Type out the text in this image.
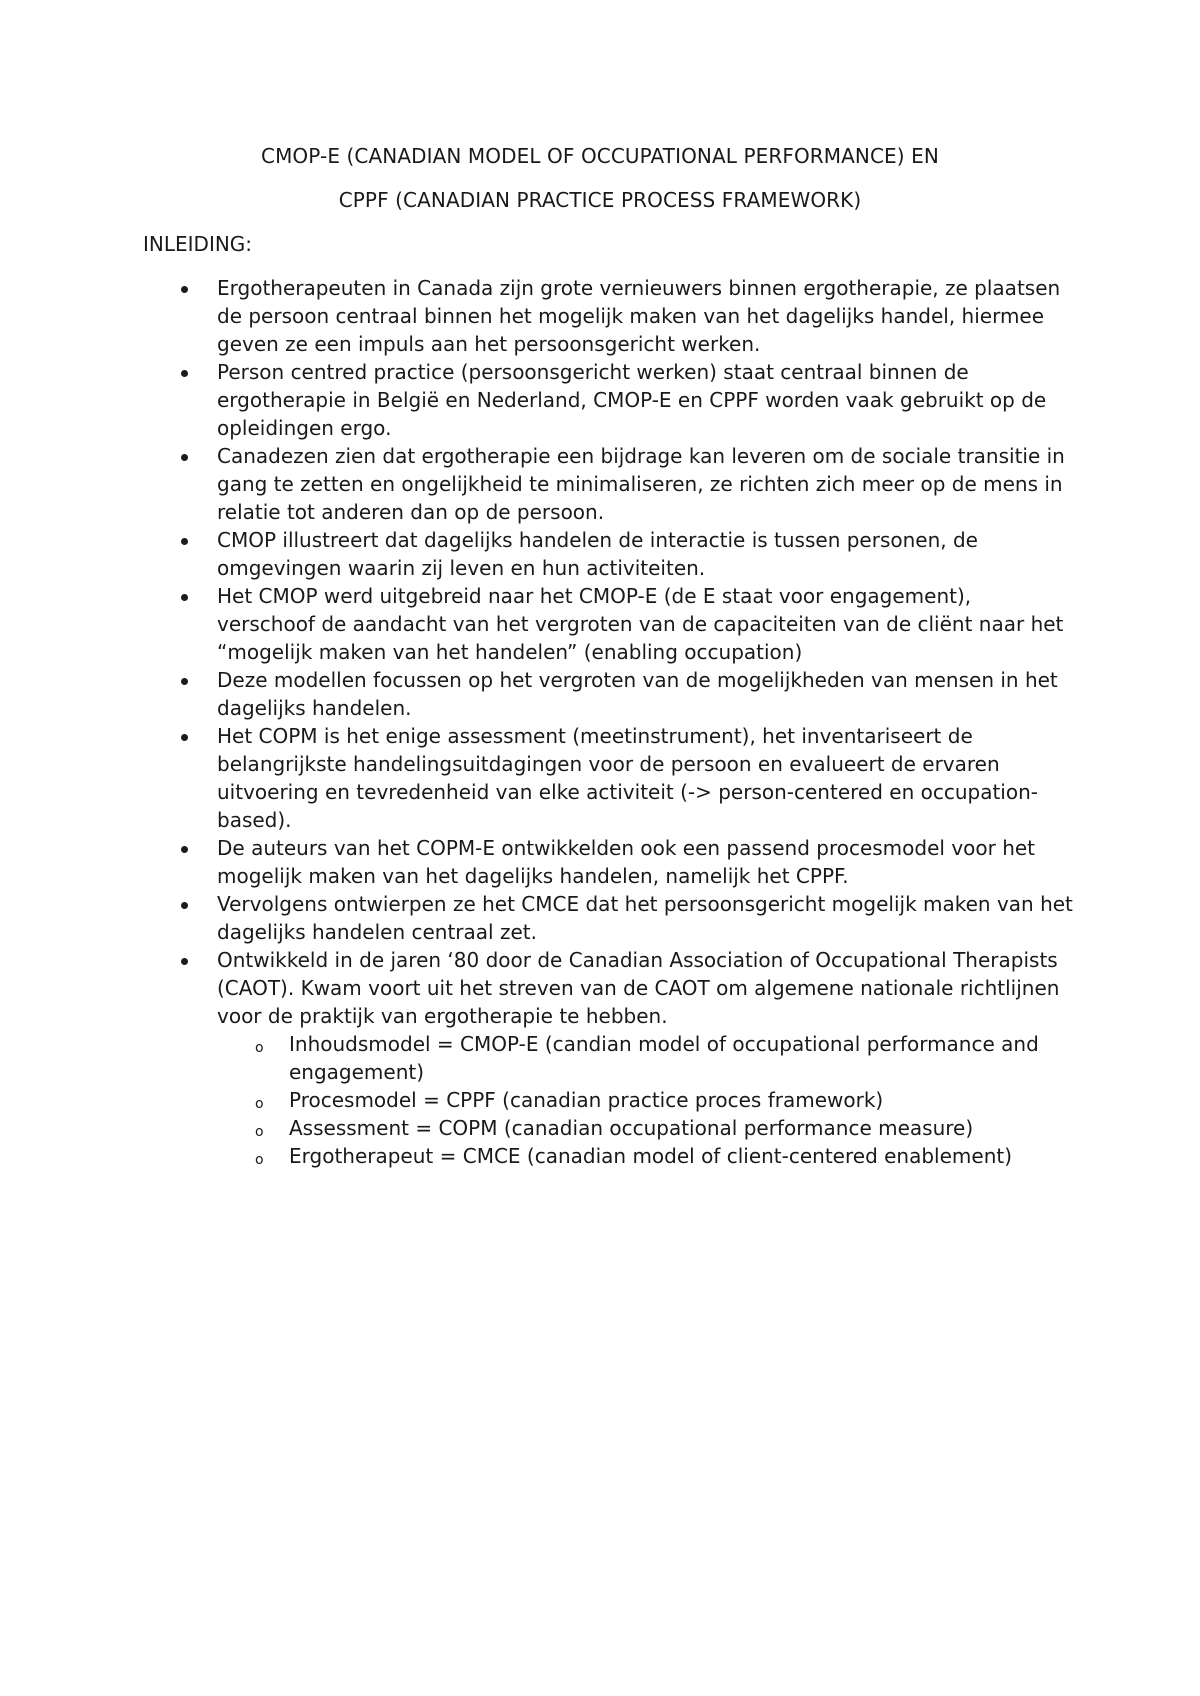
CMOP-E (CANADIAN MODEL OF OCCUPATIONAL PERFORMANCE) EN
CPPF (CANADIAN PRACTICE PROCESS FRAMEWORK)
INLEIDING:
Ergotherapeuten in Canada zijn grote vernieuwers binnen ergotherapie, ze plaatsen de persoon centraal binnen het mogelijk maken van het dagelijks handel, hiermee geven ze een impuls aan het persoonsgericht werken.
Person centred practice (persoonsgericht werken) staat centraal binnen de ergotherapie in België en Nederland, CMOP-E en CPPF worden vaak gebruikt op de opleidingen ergo.
Canadezen zien dat ergotherapie een bijdrage kan leveren om de sociale transitie in gang te zetten en ongelijkheid te minimaliseren, ze richten zich meer op de mens in relatie tot anderen dan op de persoon.
CMOP illustreert dat dagelijks handelen de interactie is tussen personen, de omgevingen waarin zij leven en hun activiteiten.
Het CMOP werd uitgebreid naar het CMOP-E (de E staat voor engagement), verschoof de aandacht van het vergroten van de capaciteiten van de cliënt naar het “mogelijk maken van het handelen” (enabling occupation)
Deze modellen focussen op het vergroten van de mogelijkheden van mensen in het dagelijks handelen.
Het COPM is het enige assessment (meetinstrument), het inventariseert de belangrijkste handelingsuitdagingen voor de persoon en evalueert de ervaren uitvoering en tevredenheid van elke activiteit (-> person-centered en occupation-based).
De auteurs van het COPM-E ontwikkelden ook een passend procesmodel voor het mogelijk maken van het dagelijks handelen, namelijk het CPPF.
Vervolgens ontwierpen ze het CMCE dat het persoonsgericht mogelijk maken van het dagelijks handelen centraal zet.
Ontwikkeld in de jaren ‘80 door de Canadian Association of Occupational Therapists (CAOT). Kwam voort uit het streven van de CAOT om algemene nationale richtlijnen voor de praktijk van ergotherapie te hebben.
o Inhoudsmodel = CMOP-E (candian model of occupational performance and engagement)
o Procesmodel = CPPF (canadian practice proces framework)
o Assessment = COPM (canadian occupational performance measure)
o Ergotherapeut = CMCE (canadian model of client-centered enablement)
